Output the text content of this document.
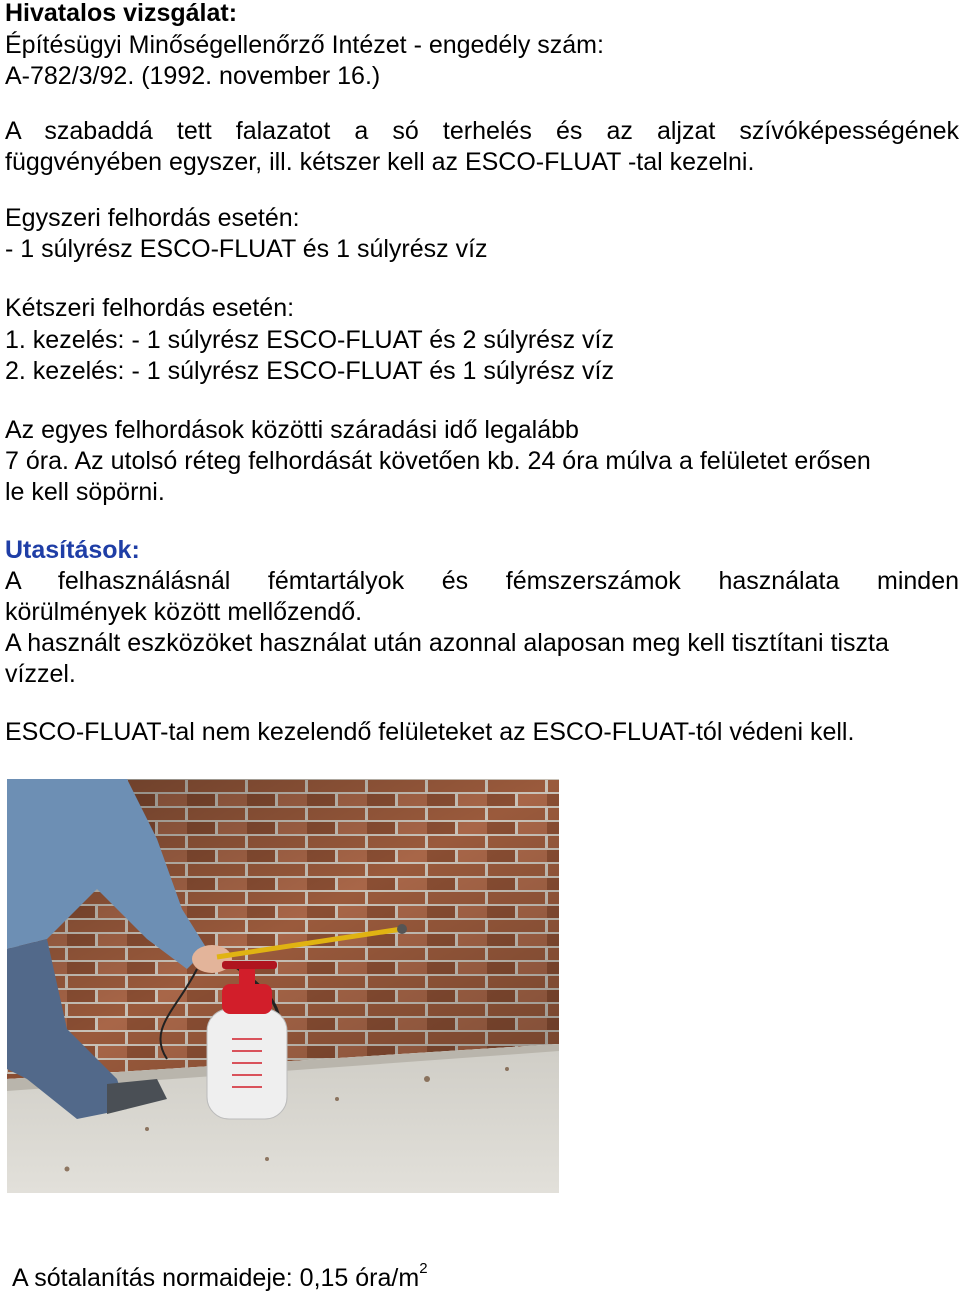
Hivatalos vizsgálat:
Építésügyi Minőségellenőrző Intézet - engedély szám:
A-782/3/92. (1992. november 16.)
A szabaddá tett falazatot a só terhelés és az aljzat szívóképességének
függvényében egyszer, ill. kétszer kell az ESCO-FLUAT -tal kezelni.
Egyszeri felhordás esetén:
- 1 súlyrész ESCO-FLUAT és 1 súlyrész víz
Kétszeri felhordás esetén:
1. kezelés: - 1 súlyrész ESCO-FLUAT és 2 súlyrész víz
2. kezelés: - 1 súlyrész ESCO-FLUAT és 1 súlyrész víz
Az egyes felhordások közötti száradási idő legalább
7 óra. Az utolsó réteg felhordását követően kb. 24 óra múlva a felületet erősen
le kell söpörni.
Utasítások:
A felhasználásnál fémtartályok és fémszerszámok használata minden
körülmények között mellőzendő.
A használt eszközöket használat után azonnal alaposan meg kell tisztítani tiszta
vízzel.
ESCO-FLUAT-tal nem kezelendő felületeket az ESCO-FLUAT-tól védeni kell.
A sótalanítás normaideje: 0,15 óra/$m^2$
